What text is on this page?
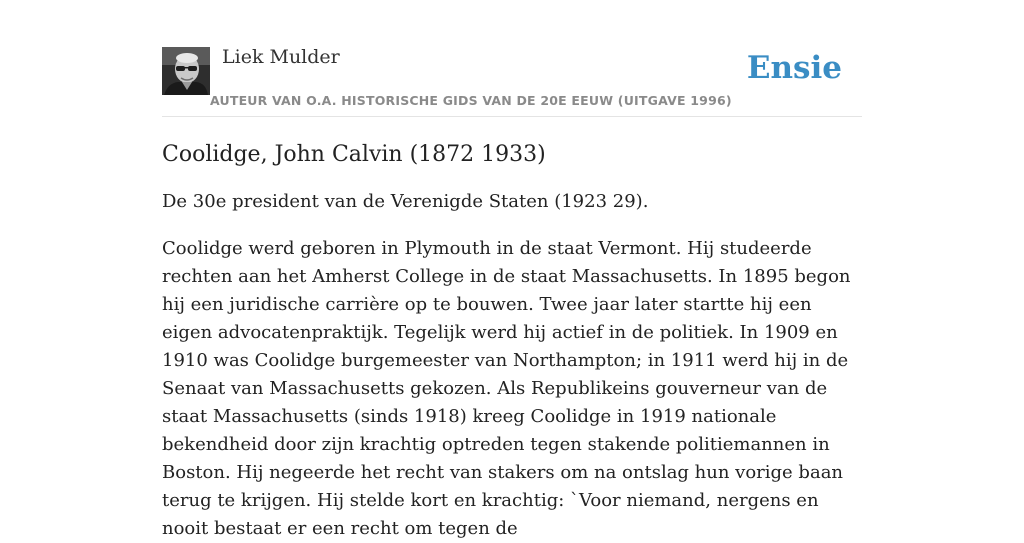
Liek Mulder
AUTEUR VAN O.A. HISTORISCHE GIDS VAN DE 20E EEUW (UITGAVE 1996)
Ensie
Coolidge, John Calvin (1872 1933)

De 30e president van de Verenigde Staten (1923 29).

Coolidge werd geboren in Plymouth in de staat Vermont. Hij studeerde rechten aan het Amherst College in de staat Massachusetts. In 1895 begon hij een juridische carrière op te bouwen. Twee jaar later startte hij een eigen advocatenpraktijk. Tegelijk werd hij actief in de politiek. In 1909 en 1910 was Coolidge burgemeester van Northampton; in 1911 werd hij in de Senaat van Massachusetts gekozen. Als Republikeins gouverneur van de staat Massachusetts (sinds 1918) kreeg Coolidge in 1919 nationale bekendheid door zijn krachtig optreden tegen stakende politiemannen in Boston. Hij negeerde het recht van stakers om na ontslag hun vorige baan terug te krijgen. Hij stelde kort en krachtig: `Voor niemand, nergens en nooit bestaat er een recht om tegen de
